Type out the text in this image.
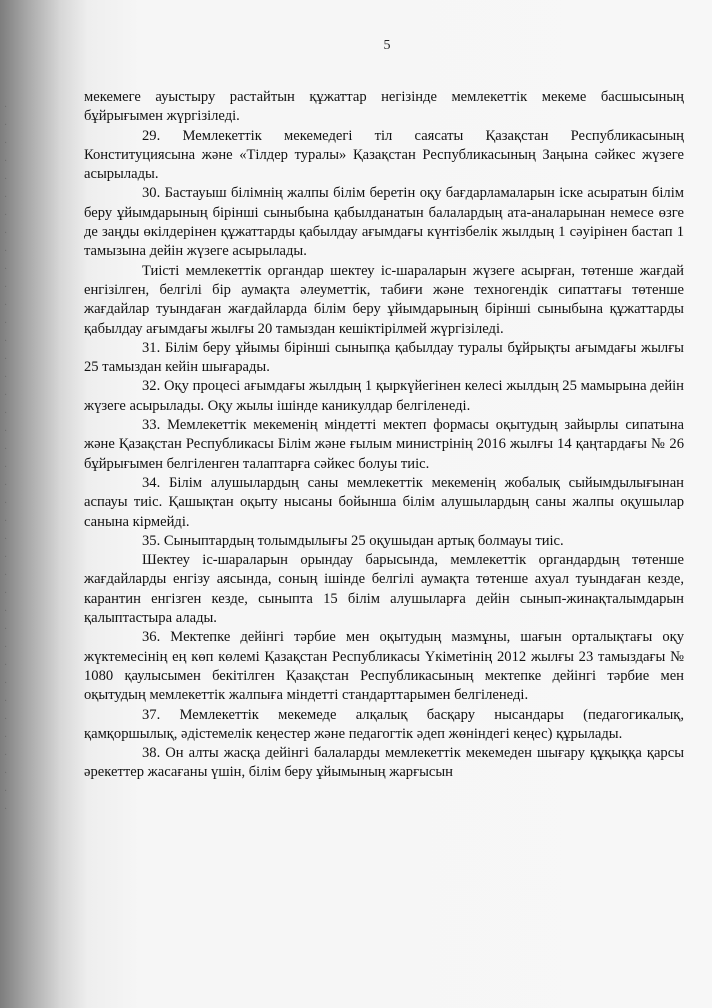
·
·
·
·
·
·
·
·
·
·
·
·
·
·
·
·
·
·
·
·
·
·
·
·
·
·
·
·
·
·
·
·
·
·
·
·
·
·
·
·
5

мекемеге ауыстыру растайтын құжаттар негізінде мемлекеттік мекеме басшысының бұйрығымен жүргізіледі.

29. Мемлекеттік мекемедегі тіл саясаты Қазақстан Республикасының Конституциясына және «Тілдер туралы» Қазақстан Республикасының Заңына сәйкес жүзеге асырылады.

30. Бастауыш білімнің жалпы білім беретін оқу бағдарламаларын іске асыратын білім беру ұйымдарының бірінші сыныбына қабылданатын балалардың ата-аналарынан немесе өзге де заңды өкілдерінен құжаттарды қабылдау ағымдағы күнтізбелік жылдың 1 сәуірінен бастап 1 тамызына дейін жүзеге асырылады.

Тиісті мемлекеттік органдар шектеу іс-шараларын жүзеге асырған, төтенше жағдай енгізілген, белгілі бір аумақта әлеуметтік, табиғи және техногендік сипаттағы төтенше жағдайлар туындаған жағдайларда білім беру ұйымдарының бірінші сыныбына құжаттарды қабылдау ағымдағы жылғы 20 тамыздан кешіктірілмей жүргізіледі.

31. Білім беру ұйымы бірінші сыныпқа қабылдау туралы бұйрықты ағымдағы жылғы 25 тамыздан кейін шығарады.

32. Оқу процесі ағымдағы жылдың 1 қыркүйегінен келесі жылдың 25 мамырына дейін жүзеге асырылады. Оқу жылы ішінде каникулдар белгіленеді.

33. Мемлекеттік мекеменің міндетті мектеп формасы оқытудың зайырлы сипатына және Қазақстан Республикасы Білім және ғылым министрінің 2016 жылғы 14 қаңтардағы № 26 бұйрығымен белгіленген талаптарға сәйкес болуы тиіс.

34. Білім алушылардың саны мемлекеттік мекеменің жобалық сыйымдылығынан аспауы тиіс. Қашықтан оқыту нысаны бойынша білім алушылардың саны жалпы оқушылар санына кірмейді.

35. Сыныптардың толымдылығы 25 оқушыдан артық болмауы тиіс.

Шектеу іс-шараларын орындау барысында, мемлекеттік органдардың төтенше жағдайларды енгізу аясында, соның ішінде белгілі аумақта төтенше ахуал туындаған кезде, карантин енгізген кезде, сыныпта 15 білім алушыларға дейін сынып-жинақталымдарын қалыптастыра алады.

36. Мектепке дейінгі тәрбие мен оқытудың мазмұны, шағын орталықтағы оқу жүктемесінің ең көп көлемі Қазақстан Республикасы Үкіметінің 2012 жылғы 23 тамыздағы № 1080 қаулысымен бекітілген Қазақстан Республикасының мектепке дейінгі тәрбие мен оқытудың мемлекеттік жалпыға міндетті стандарттарымен белгіленеді.

37. Мемлекеттік мекемеде алқалық басқару нысандары (педагогикалық, қамқоршылық, әдістемелік кеңестер және педагогтік әдеп жөніндегі кеңес) құрылады.

38. Он алты жасқа дейінгі балаларды мемлекеттік мекемеден шығару құқыққа қарсы әрекеттер жасағаны үшін, білім беру ұйымының жарғысын
